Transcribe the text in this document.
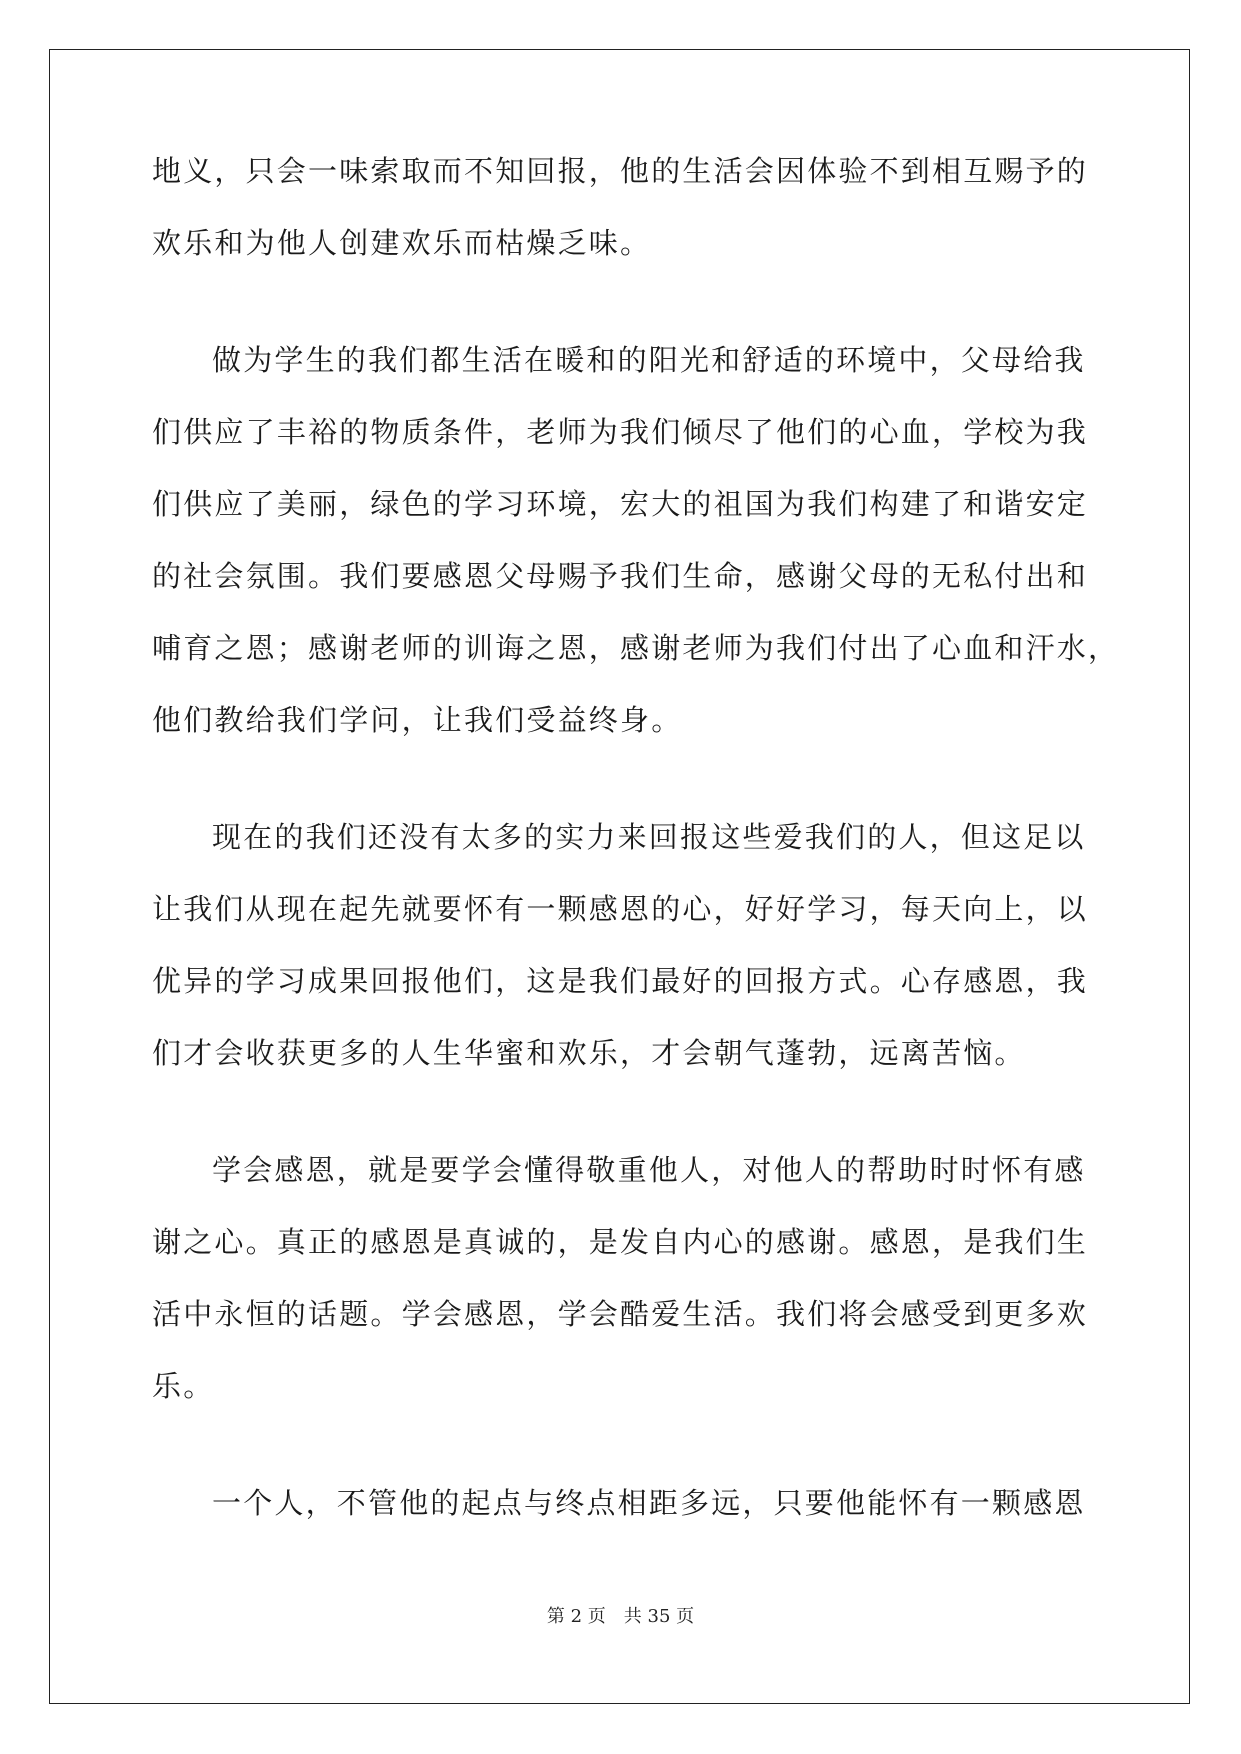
地义，只会一味索取而不知回报，他的生活会因体验不到相互赐予的
欢乐和为他人创建欢乐而枯燥乏味。
做为学生的我们都生活在暖和的阳光和舒适的环境中，父母给我
们供应了丰裕的物质条件，老师为我们倾尽了他们的心血，学校为我
们供应了美丽，绿色的学习环境，宏大的祖国为我们构建了和谐安定
的社会氛围。我们要感恩父母赐予我们生命，感谢父母的无私付出和
哺育之恩；感谢老师的训诲之恩，感谢老师为我们付出了心血和汗水，
他们教给我们学问，让我们受益终身。
现在的我们还没有太多的实力来回报这些爱我们的人，但这足以
让我们从现在起先就要怀有一颗感恩的心，好好学习，每天向上，以
优异的学习成果回报他们，这是我们最好的回报方式。心存感恩，我
们才会收获更多的人生华蜜和欢乐，才会朝气蓬勃，远离苦恼。
学会感恩，就是要学会懂得敬重他人，对他人的帮助时时怀有感
谢之心。真正的感恩是真诚的，是发自内心的感谢。感恩，是我们生
活中永恒的话题。学会感恩，学会酷爱生活。我们将会感受到更多欢
乐。
一个人，不管他的起点与终点相距多远，只要他能怀有一颗感恩
第 2 页 共 35 页
